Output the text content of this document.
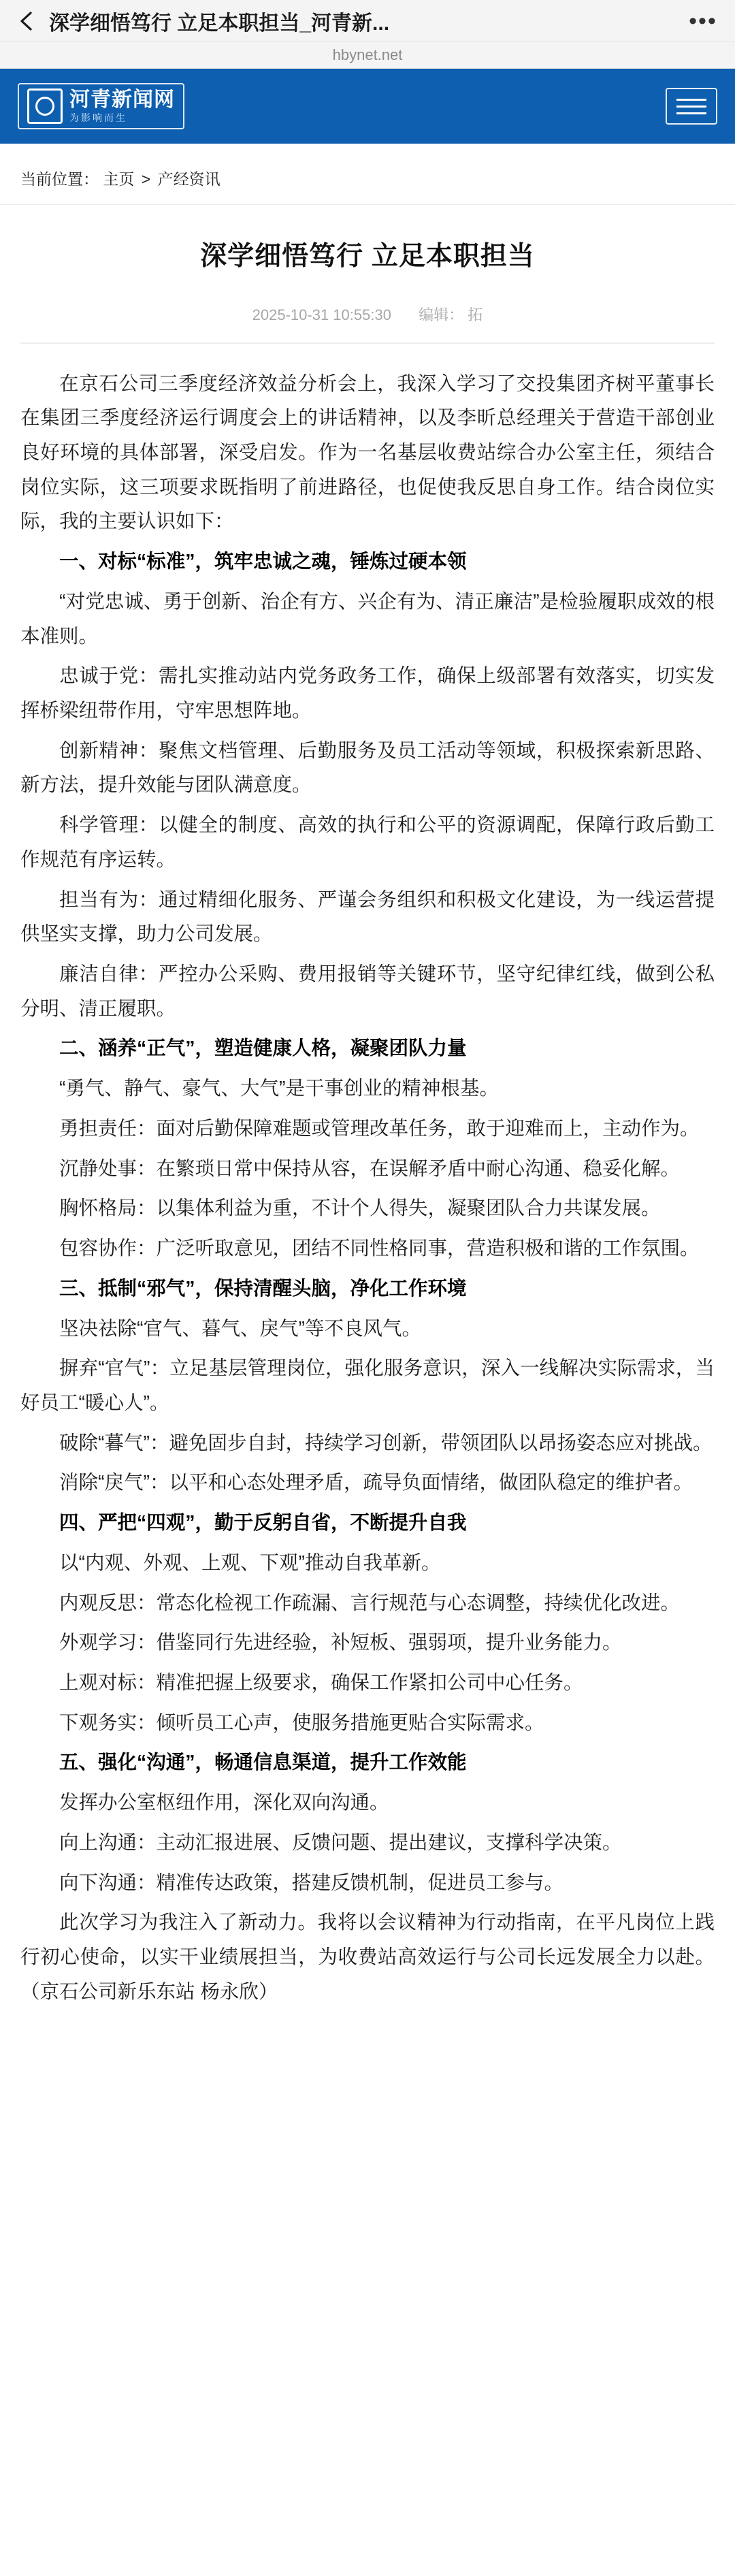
深学细悟笃行 立足本职担当_河青新...	•••
hbynet.net
河青新闻网
为影响而生
当前位置： 主页 > 产经资讯
深学细悟笃行 立足本职担当
2025-10-31 10:55:30 编辑： 拓

在京石公司三季度经济效益分析会上，我深入学习了交投集团齐树平董事长在集团三季度经济运行调度会上的讲话精神，以及李昕总经理关于营造干部创业良好环境的具体部署，深受启发。作为一名基层收费站综合办公室主任，须结合岗位实际，这三项要求既指明了前进路径，也促使我反思自身工作。结合岗位实际，我的主要认识如下：

一、对标“标准”，筑牢忠诚之魂，锤炼过硬本领

“对党忠诚、勇于创新、治企有方、兴企有为、清正廉洁”是检验履职成效的根本准则。

忠诚于党：需扎实推动站内党务政务工作，确保上级部署有效落实，切实发挥桥梁纽带作用，守牢思想阵地。

创新精神：聚焦文档管理、后勤服务及员工活动等领域，积极探索新思路、新方法，提升效能与团队满意度。

科学管理：以健全的制度、高效的执行和公平的资源调配，保障行政后勤工作规范有序运转。

担当有为：通过精细化服务、严谨会务组织和积极文化建设，为一线运营提供坚实支撑，助力公司发展。

廉洁自律：严控办公采购、费用报销等关键环节，坚守纪律红线，做到公私分明、清正履职。

二、涵养“正气”，塑造健康人格，凝聚团队力量

“勇气、静气、豪气、大气”是干事创业的精神根基。

勇担责任：面对后勤保障难题或管理改革任务，敢于迎难而上，主动作为。

沉静处事：在繁琐日常中保持从容，在误解矛盾中耐心沟通、稳妥化解。

胸怀格局：以集体利益为重，不计个人得失，凝聚团队合力共谋发展。

包容协作：广泛听取意见，团结不同性格同事，营造积极和谐的工作氛围。

三、抵制“邪气”，保持清醒头脑，净化工作环境

坚决祛除“官气、暮气、戾气”等不良风气。

摒弃“官气”：立足基层管理岗位，强化服务意识，深入一线解决实际需求，当好员工“暖心人”。

破除“暮气”：避免固步自封，持续学习创新，带领团队以昂扬姿态应对挑战。

消除“戾气”：以平和心态处理矛盾，疏导负面情绪，做团队稳定的维护者。

四、严把“四观”，勤于反躬自省，不断提升自我

以“内观、外观、上观、下观”推动自我革新。

内观反思：常态化检视工作疏漏、言行规范与心态调整，持续优化改进。

外观学习：借鉴同行先进经验，补短板、强弱项，提升业务能力。

上观对标：精准把握上级要求，确保工作紧扣公司中心任务。

下观务实：倾听员工心声，使服务措施更贴合实际需求。

五、强化“沟通”，畅通信息渠道，提升工作效能

发挥办公室枢纽作用，深化双向沟通。

向上沟通：主动汇报进展、反馈问题、提出建议，支撑科学决策。

向下沟通：精准传达政策，搭建反馈机制，促进员工参与。

此次学习为我注入了新动力。我将以会议精神为行动指南，在平凡岗位上践行初心使命，以实干业绩展担当，为收费站高效运行与公司长远发展全力以赴。（京石公司新乐东站 杨永欣）
